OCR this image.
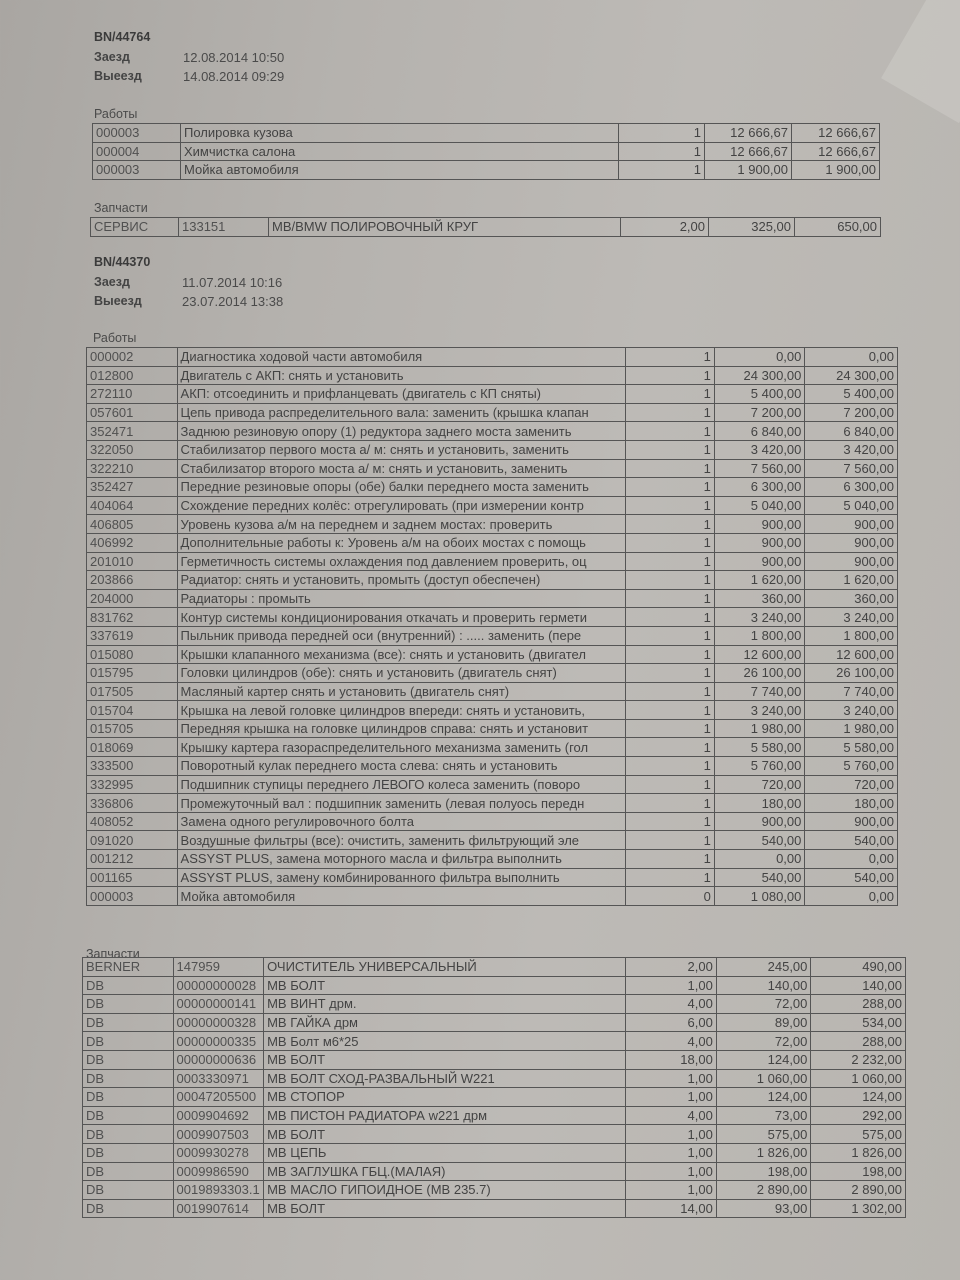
BN/44764
Заезд	12.08.2014 10:50
Выеезд	14.08.2014 09:29
Работы
000003	Полировка кузова	1	12 666,67	12 666,67
000004	Химчистка салона	1	12 666,67	12 666,67
000003	Мойка автомобиля	1	1 900,00	1 900,00
Запчасти
СЕРВИС	133151	MB/BMW ПОЛИРОВОЧНЫЙ КРУГ	2,00	325,00	650,00
BN/44370
Заезд	11.07.2014 10:16
Выеезд	23.07.2014 13:38
Работы
000002	Диагностика ходовой части автомобиля	1	0,00	0,00
012800	Двигатель с АКП: снять и установить	1	24 300,00	24 300,00
272110	АКП: отсоединить и прифланцевать (двигатель с КП сняты)	1	5 400,00	5 400,00
057601	Цепь привода распределительного вала: заменить (крышка клапан	1	7 200,00	7 200,00
352471	Заднюю резиновую опору (1) редуктора заднего моста заменить	1	6 840,00	6 840,00
322050	Стабилизатор первого моста а/ м: снять и установить, заменить	1	3 420,00	3 420,00
322210	Стабилизатор второго моста а/ м: снять и установить, заменить	1	7 560,00	7 560,00
352427	Передние резиновые опоры (обе) балки переднего моста заменить	1	6 300,00	6 300,00
404064	Схождение передних колёс: отрегулировать (при измерении контр	1	5 040,00	5 040,00
406805	Уровень кузова а/м на переднем и заднем мостах: проверить	1	900,00	900,00
406992	Дополнительные работы к: Уровень а/м на обоих мостах с помощь	1	900,00	900,00
201010	Герметичность системы охлаждения под давлением проверить, оц	1	900,00	900,00
203866	Радиатор: снять и установить, промыть (доступ обеспечен)	1	1 620,00	1 620,00
204000	Радиаторы : промыть	1	360,00	360,00
831762	Контур системы кондиционирования откачать и проверить гермети	1	3 240,00	3 240,00
337619	Пыльник привода передней оси (внутренний) : ..... заменить (пере	1	1 800,00	1 800,00
015080	Крышки клапанного механизма (все): снять и установить (двигател	1	12 600,00	12 600,00
015795	Головки цилиндров (обе): снять и установить (двигатель снят)	1	26 100,00	26 100,00
017505	Масляный картер снять и установить (двигатель снят)	1	7 740,00	7 740,00
015704	Крышка на левой головке цилиндров впереди: снять и установить,	1	3 240,00	3 240,00
015705	Передняя крышка на головке цилиндров справа: снять и установит	1	1 980,00	1 980,00
018069	Крышку картера газораспределительного механизма заменить (гол	1	5 580,00	5 580,00
333500	Поворотный кулак переднего моста слева: снять и установить	1	5 760,00	5 760,00
332995	Подшипник ступицы переднего ЛЕВОГО колеса заменить (поворо	1	720,00	720,00
336806	Промежуточный вал : подшипник заменить (левая полуось передн	1	180,00	180,00
408052	Замена одного регулировочного болта	1	900,00	900,00
091020	Воздушные фильтры (все): очистить, заменить фильтрующий эле	1	540,00	540,00
001212	ASSYST PLUS, замена моторного масла и фильтра выполнить	1	0,00	0,00
001165	ASSYST PLUS, замену комбинированного фильтра выполнить	1	540,00	540,00
000003	Мойка автомобиля	0	1 080,00	0,00
Запчасти
BERNER	147959	ОЧИСТИТЕЛЬ УНИВЕРСАЛЬНЫЙ	2,00	245,00	490,00
DB	00000000028	MB БОЛТ	1,00	140,00	140,00
DB	00000000141	MB ВИНТ дрм.	4,00	72,00	288,00
DB	00000000328	MB ГАЙКА дрм	6,00	89,00	534,00
DB	00000000335	MB Болт м6*25	4,00	72,00	288,00
DB	00000000636	MB БОЛТ	18,00	124,00	2 232,00
DB	0003330971	MB БОЛТ СХОД-РАЗВАЛЬНЫЙ W221	1,00	1 060,00	1 060,00
DB	00047205500	MB СТОПОР	1,00	124,00	124,00
DB	0009904692	MB ПИСТОН РАДИАТОРА w221 дрм	4,00	73,00	292,00
DB	0009907503	MB БОЛТ	1,00	575,00	575,00
DB	0009930278	MB ЦЕПЬ	1,00	1 826,00	1 826,00
DB	0009986590	MB ЗАГЛУШКА ГБЦ.(МАЛАЯ)	1,00	198,00	198,00
DB	0019893303.1	MB МАСЛО ГИПОИДНОЕ (MB 235.7)	1,00	2 890,00	2 890,00
DB	0019907614	MB БОЛТ	14,00	93,00	1 302,00
